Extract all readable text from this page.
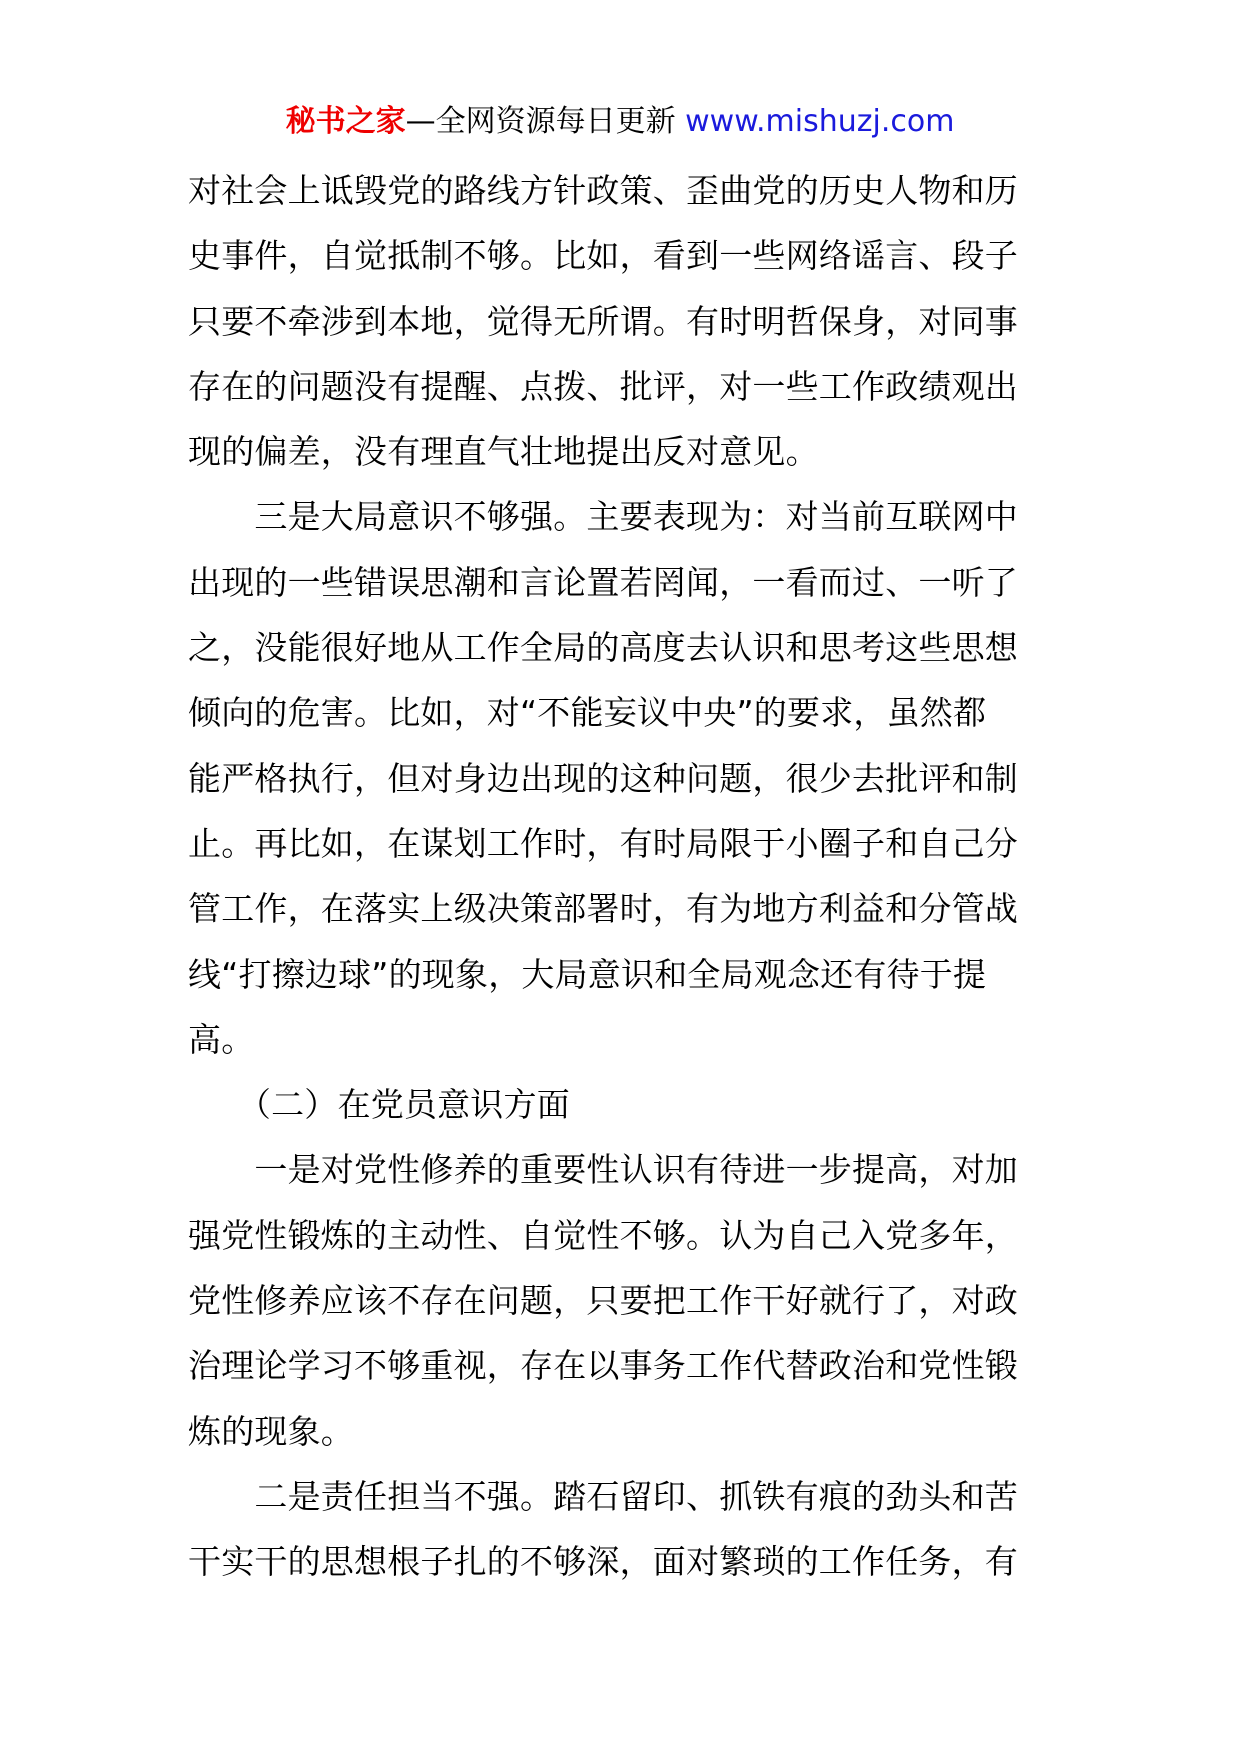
秘书之家—全网资源每日更新 www.mishuzj.com
对社会上诋毁党的路线方针政策、歪曲党的历史人物和历
史事件，自觉抵制不够。比如，看到一些网络谣言、段子
只要不牵涉到本地，觉得无所谓。有时明哲保身，对同事
存在的问题没有提醒、点拨、批评，对一些工作政绩观出
现的偏差，没有理直气壮地提出反对意见。
　　三是大局意识不够强。主要表现为：对当前互联网中
出现的一些错误思潮和言论置若罔闻，一看而过、一听了
之，没能很好地从工作全局的高度去认识和思考这些思想
倾向的危害。比如，对“不能妄议中央”的要求，虽然都
能严格执行，但对身边出现的这种问题，很少去批评和制
止。再比如，在谋划工作时，有时局限于小圈子和自己分
管工作，在落实上级决策部署时，有为地方利益和分管战
线“打擦边球”的现象，大局意识和全局观念还有待于提
高。
　　（二）在党员意识方面
　　一是对党性修养的重要性认识有待进一步提高，对加
强党性锻炼的主动性、自觉性不够。认为自己入党多年，
党性修养应该不存在问题，只要把工作干好就行了，对政
治理论学习不够重视，存在以事务工作代替政治和党性锻
炼的现象。
　　二是责任担当不强。踏石留印、抓铁有痕的劲头和苦
干实干的思想根子扎的不够深，面对繁琐的工作任务，有
